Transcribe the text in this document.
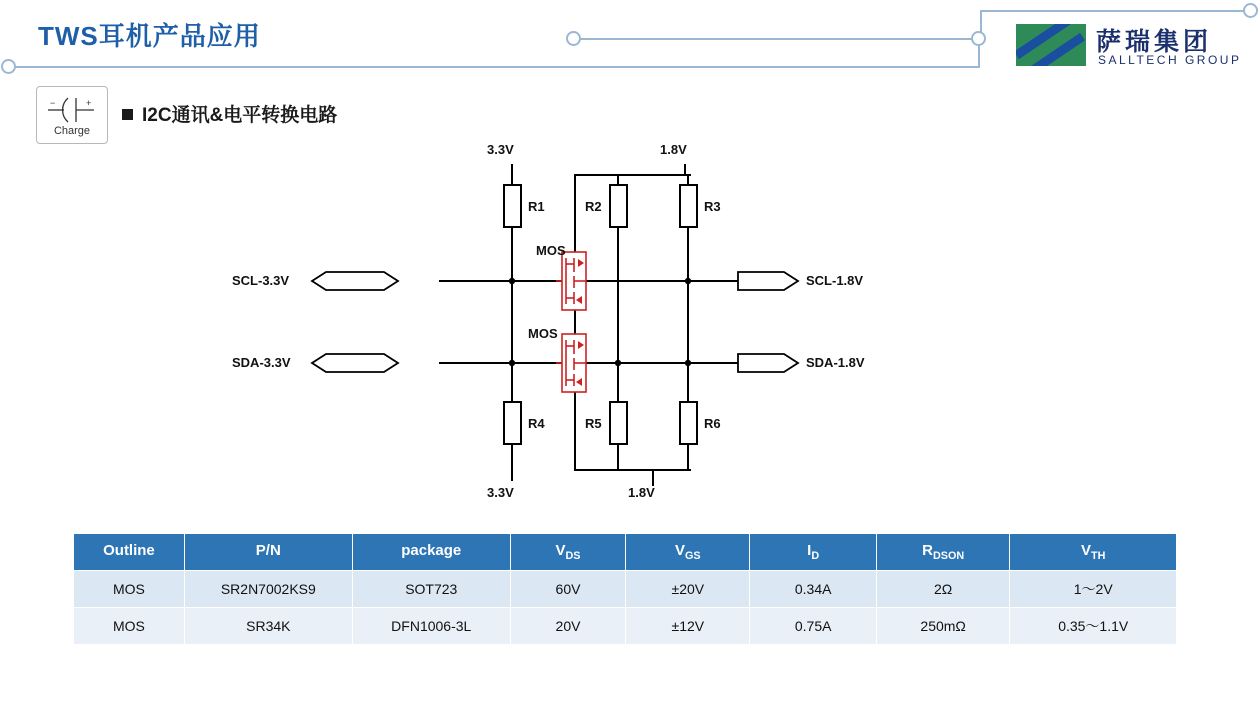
TWS耳机产品应用	萨瑞集团
SALLTECH GROUP
−	+
Charge
I2C通讯&电平转换电路
3.3V	1.8V
3.3V	1.8V
R1	R2	R3
R4	R5	R6
MOS
MOS
SCL-3.3V	SCL-1.8V
SDA-3.3V	SDA-1.8V
Outline	P/N	package	$V_{DS}$	$V_{GS}$	$I_D$	$R_{DSON}$	$V_{TH}$
MOS	SR2N7002KS9	SOT723	60V	±20V	0.34A	2Ω	1～2V
MOS	SR34K	DFN1006-3L	20V	±12V	0.75A	250mΩ	0.35～1.1V
